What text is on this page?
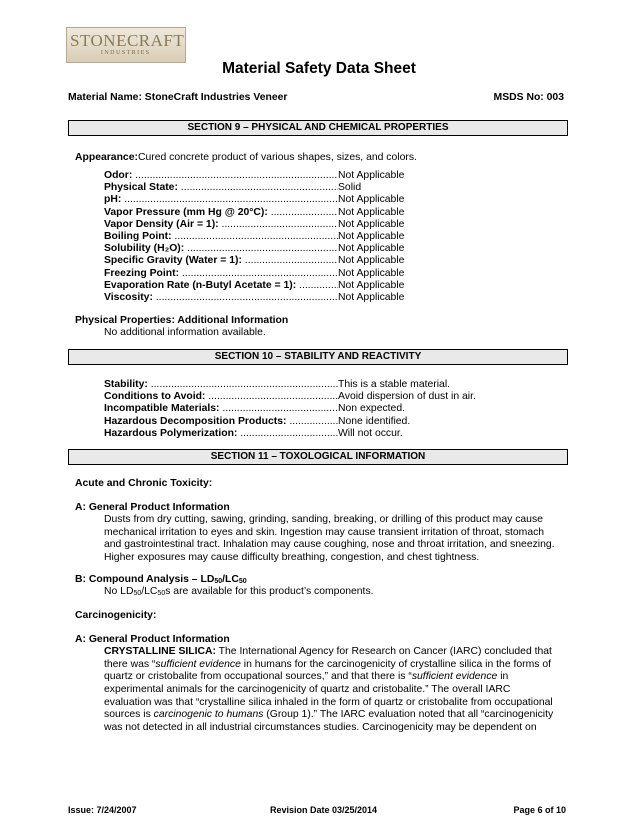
STONECRAFT
I N D U S T R I E S
Material Safety Data Sheet
Material Name: StoneCraft Industries Veneer	MSDS No: 003
SECTION 9 – PHYSICAL AND CHEMICAL PROPERTIES
Appearance:Cured concrete product of various shapes, sizes, and colors.
Odor: .....	Not Applicable
Physical State: .....	Solid
pH: .....	Not Applicable
Vapor Pressure (mm Hg @ 20°C): .....	Not Applicable
Vapor Density (Air = 1): .....	Not Applicable
Boiling Point: .....	Not Applicable
Solubility (H₂O): .....	Not Applicable
Specific Gravity (Water = 1): .....	Not Applicable
Freezing Point: .....	Not Applicable
Evaporation Rate (n-Butyl Acetate = 1): .....	Not Applicable
Viscosity: .....	Not Applicable
Physical Properties: Additional Information
No additional information available.
SECTION 10 – STABILITY AND REACTIVITY
Stability: .....	This is a stable material.
Conditions to Avoid: .....	Avoid dispersion of dust in air.
Incompatible Materials: .....	Non expected.
Hazardous Decomposition Products: .....	None identified.
Hazardous Polymerization: .....	Will not occur.
SECTION 11 – TOXOLOGICAL INFORMATION
Acute and Chronic Toxicity:
A: General Product Information
Dusts from dry cutting, sawing, grinding, sanding, breaking, or drilling of this product may cause
mechanical irritation to eyes and skin. Ingestion may cause transient irritation of throat, stomach
and gastrointestinal tract. Inhalation may cause coughing, nose and throat irritation, and sneezing.
Higher exposures may cause difficulty breathing, congestion, and chest tightness.
B: Compound Analysis – $LD_{50}/LC_{50}$
No $LD_{50}/LC_{50}s$ are available for this product’s components.
Carcinogenicity:
A: General Product Information
CRYSTALLINE SILICA: The International Agency for Research on Cancer (IARC) concluded that
there was “sufficient evidence in humans for the carcinogenicity of crystalline silica in the forms of
quartz or cristobalite from occupational sources,” and that there is “sufficient evidence in
experimental animals for the carcinogenicity of quartz and cristobalite.” The overall IARC
evaluation was that “crystalline silica inhaled in the form of quartz or cristobalite from occupational
sources is carcinogenic to humans (Group 1).” The IARC evaluation noted that all “carcinogenicity
was not detected in all industrial circumstances studies. Carcinogenicity may be dependent on
Issue: 7/24/2007	Revision Date 03/25/2014	Page 6 of 10
